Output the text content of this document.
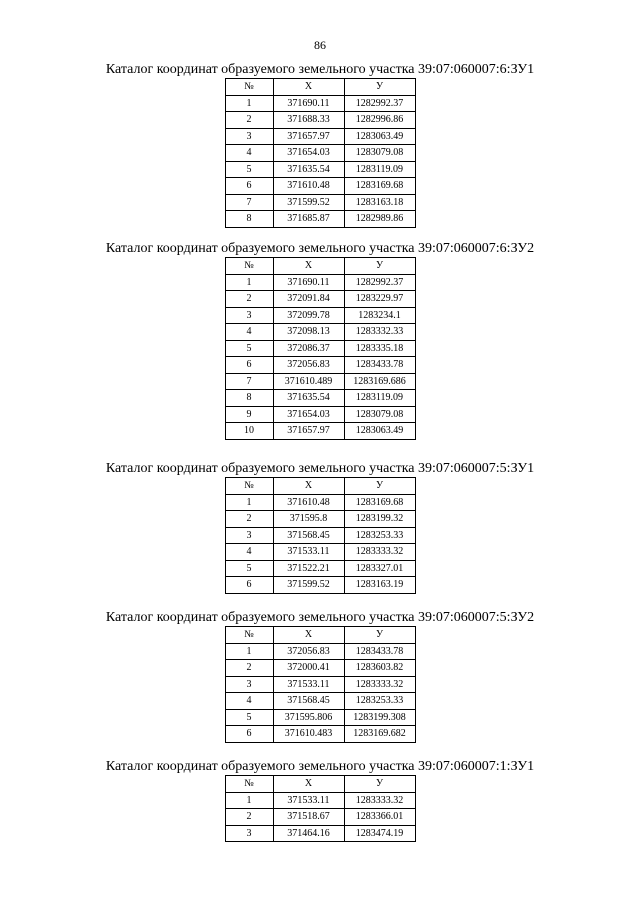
86
Каталог координат образуемого земельного участка 39:07:060007:6:ЗУ1
№	X	У
1	371690.11	1282992.37
2	371688.33	1282996.86
3	371657.97	1283063.49
4	371654.03	1283079.08
5	371635.54	1283119.09
6	371610.48	1283169.68
7	371599.52	1283163.18
8	371685.87	1282989.86
Каталог координат образуемого земельного участка 39:07:060007:6:ЗУ2
№	X	У
1	371690.11	1282992.37
2	372091.84	1283229.97
3	372099.78	1283234.1
4	372098.13	1283332.33
5	372086.37	1283335.18
6	372056.83	1283433.78
7	371610.489	1283169.686
8	371635.54	1283119.09
9	371654.03	1283079.08
10	371657.97	1283063.49
Каталог координат образуемого земельного участка 39:07:060007:5:ЗУ1
№	X	У
1	371610.48	1283169.68
2	371595.8	1283199.32
3	371568.45	1283253.33
4	371533.11	1283333.32
5	371522.21	1283327.01
6	371599.52	1283163.19
Каталог координат образуемого земельного участка 39:07:060007:5:ЗУ2
№	X	У
1	372056.83	1283433.78
2	372000.41	1283603.82
3	371533.11	1283333.32
4	371568.45	1283253.33
5	371595.806	1283199.308
6	371610.483	1283169.682
Каталог координат образуемого земельного участка 39:07:060007:1:ЗУ1
№	X	У
1	371533.11	1283333.32
2	371518.67	1283366.01
3	371464.16	1283474.19
